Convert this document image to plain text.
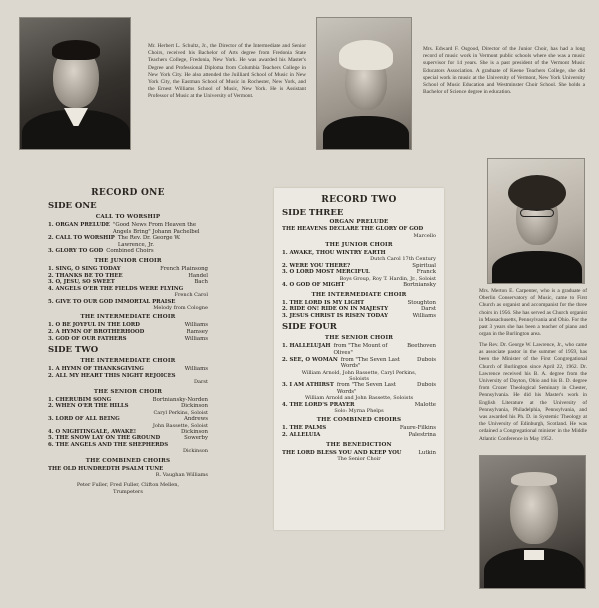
Mr. Herbert L. Schultz, Jr., the Director of the Intermediate and Senior Choirs, received his Bachelor of Arts degree from Fredonia State Teachers College, Fredonia, New York. He was awarded his Master's Degree and Professional Diploma from Columbia Teachers College in New York City. He also attended the Juilliard School of Music in New York City, the Eastman School of Music in Rochester, New York, and the Ernest Williams School of Music, New York. He is Assistant Professor of Music at the University of Vermont.

Mrs. Edward F. Osgood, Director of the Junior Choir, has had a long record of music work in Vermont public schools where she was a music supervisor for 14 years. She is a past president of the Vermont Music Educators Association. A graduate of Keene Teachers College, she did special work in music at the University of Vermont, New York University School of Music Education and Westminster Choir School. She holds a Bachelor of Science degree in education.

Mrs. Merton E. Carpenter, who is a graduate of Oberlin Conservatory of Music, came to First Church as organist and accompanist for the three choirs in 1956. She has served as Church organist in Massachusetts, Pennsylvania and Ohio. For the past 3 years she has been a teacher of piano and organ in the Burlington area.

The Rev. Dr. George W. Lawrence, Jr., who came as associate pastor in the summer of 1959, has been the Minister of the First Congregational Church of Burlington since April 22, 1962. Dr. Lawrence received his B. A. degree from the University of Dayton, Ohio and his B. D. degree from Crozer Theological Seminary in Chester, Pennsylvania. He did his Master's work in English Literature at the University of Pennsylvania, Philadelphia, Pennsylvania, and was awarded his Ph. D. in Systemic Theology at the University of Edinburgh, Scotland. He was ordained a Congregational minister in the Middle Atlantic Conference in May 1952.

RECORD ONE
SIDE ONE
CALL TO WORSHIP
1. ORGAN PRELUDE "Good News From Heaven the Angels Bring" Johann Pachelbel
2. CALL TO WORSHIP The Rev. Dr. George W. Lawrence, Jr.
3. GLORY TO GOD Combined Choirs
THE JUNIOR CHOIR
1. SING, O SING TODAY	French Plainsong
2. THANKS BE TO THEE	Handel
3. O, JESU, SO SWEET	Bach
4. ANGELS O'ER THE FIELDS WERE FLYING
French Carol
5. GIVE TO OUR GOD IMMORTAL PRAISE
Melody from Cologne
THE INTERMEDIATE CHOIR
1. O BE JOYFUL IN THE LORD	Williams
2. A HYMN OF BROTHERHOOD	Ramsey
3. GOD OF OUR FATHERS	Williams
SIDE TWO
THE INTERMEDIATE CHOIR
1. A HYMN OF THANKSGIVING	Williams
2. ALL MY HEART THIS NIGHT REJOICES
Darst
THE SENIOR CHOIR
1. CHERUBIM SONG	Bortniansky-Norden
2. WHEN O'ER THE HILLS	Dickinson
Caryl Perkins, Soloist
3. LORD OF ALL BEING	Andrews
John Bassette, Soloist
4. O NIGHTINGALE, AWAKE!	Dickinson
5. THE SNOW LAY ON THE GROUND	Sowerby
6. THE ANGELS AND THE SHEPHERDS
Dickinson
THE COMBINED CHOIRS
THE OLD HUNDREDTH PSALM TUNE
R. Vaughan Williams
Peter Fuller, Fred Fuller, Clifton Mellen,
Trumpeters
RECORD TWO
SIDE THREE
ORGAN PRELUDE
THE HEAVENS DECLARE THE GLORY OF GOD
Marcello
THE JUNIOR CHOIR
1. AWAKE, THOU WINTRY EARTH
Dutch Carol 17th Century
2. WERE YOU THERE?	Spiritual
3. O LORD MOST MERCIFUL	Franck
Boys Group, Roy T. Hardin, Jr., Soloist
4. O GOD OF MIGHT	Bortniansky
THE INTERMEDIATE CHOIR
1. THE LORD IS MY LIGHT	Stoughton
2. RIDE ON! RIDE ON IN MAJESTY	Darst
3. JESUS CHRIST IS RISEN TODAY	Williams
SIDE FOUR
THE SENIOR CHOIR
1. HALLELUJAH from "The Mount of Olives"
Beethoven
2. SEE, O WOMAN from "The Seven Last Words"
Dubois
William Arnold, John Bassette, Caryl Perkins,
Soloists
3. I AM ATHIRST from "The Seven Last Words"
Dubois
William Arnold and John Bassette, Soloists
4. THE LORD'S PRAYER	Malotte
Solo: Myrna Phelps
THE COMBINED CHOIRS
1. THE PALMS	Faure-Filkins
2. ALLELUIA	Palestrina
THE BENEDICTION
THE LORD BLESS YOU AND KEEP YOU	Lutkin
The Senior Choir
